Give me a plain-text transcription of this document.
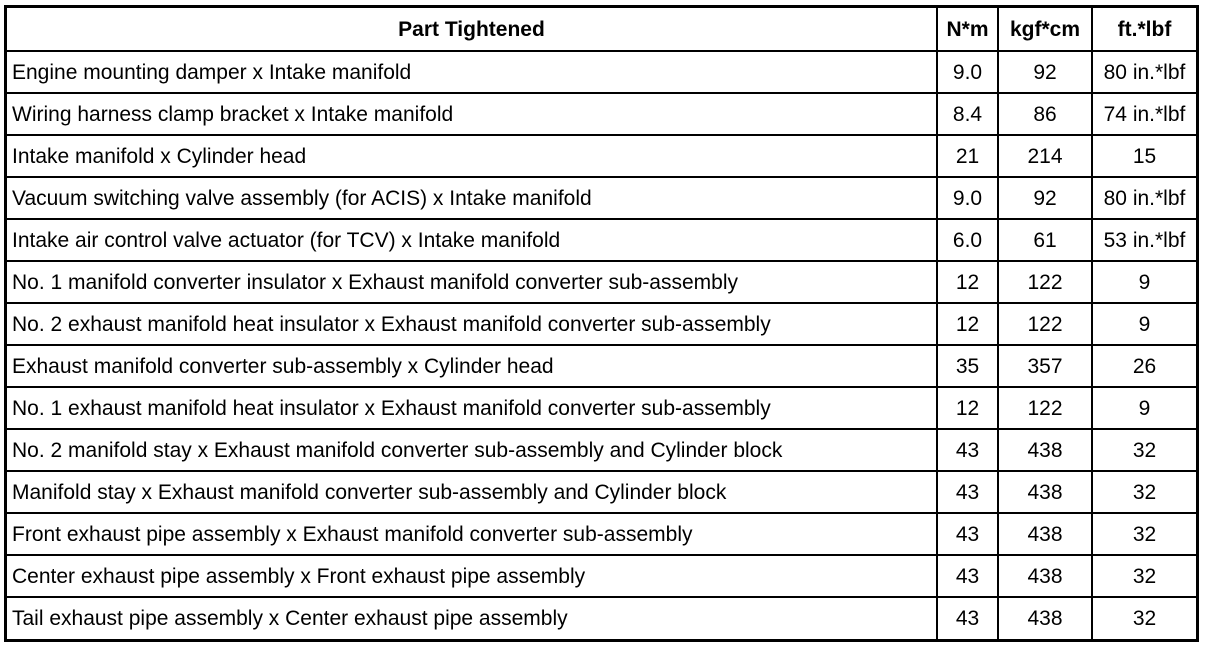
Part Tightened	N*m	kgf*cm	ft.*lbf
Engine mounting damper x Intake manifold	9.0	92	80 in.*lbf
Wiring harness clamp bracket x Intake manifold	8.4	86	74 in.*lbf
Intake manifold x Cylinder head	21	214	15
Vacuum switching valve assembly (for ACIS) x Intake manifold	9.0	92	80 in.*lbf
Intake air control valve actuator (for TCV) x Intake manifold	6.0	61	53 in.*lbf
No. 1 manifold converter insulator x Exhaust manifold converter sub-assembly	12	122	9
No. 2 exhaust manifold heat insulator x Exhaust manifold converter sub-assembly	12	122	9
Exhaust manifold converter sub-assembly x Cylinder head	35	357	26
No. 1 exhaust manifold heat insulator x Exhaust manifold converter sub-assembly	12	122	9
No. 2 manifold stay x Exhaust manifold converter sub-assembly and Cylinder block	43	438	32
Manifold stay x Exhaust manifold converter sub-assembly and Cylinder block	43	438	32
Front exhaust pipe assembly x Exhaust manifold converter sub-assembly	43	438	32
Center exhaust pipe assembly x Front exhaust pipe assembly	43	438	32
Tail exhaust pipe assembly x Center exhaust pipe assembly	43	438	32
